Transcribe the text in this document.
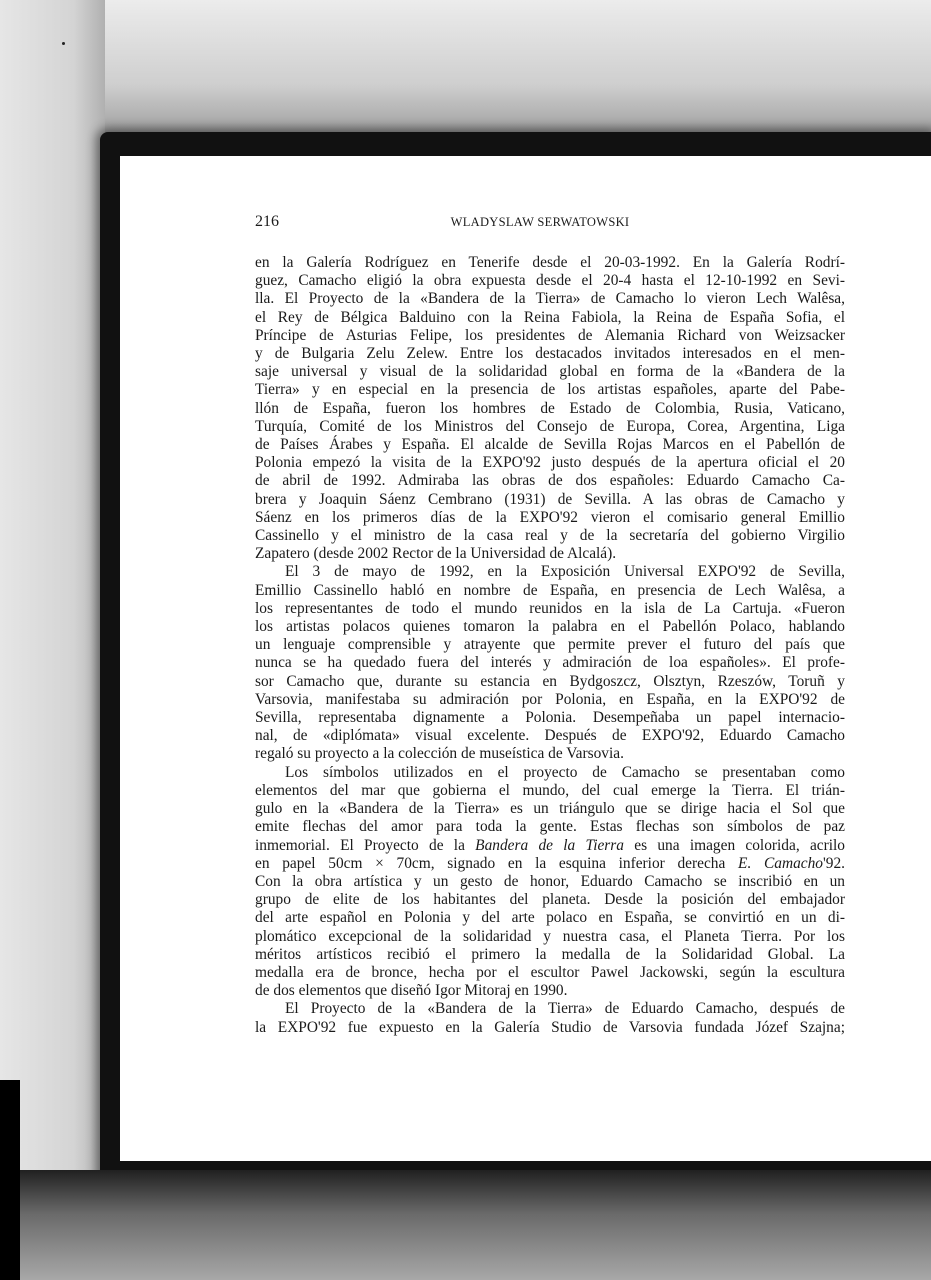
216	WLADYSLAW SERWATOWSKI
en la Galería Rodríguez en Tenerife desde el 20-03-1992. En la Galería Rodrí-
guez, Camacho eligió la obra expuesta desde el 20-4 hasta el 12-10-1992 en Sevi-
lla. El Proyecto de la «Bandera de la Tierra» de Camacho lo vieron Lech Walêsa,
el Rey de Bélgica Balduino con la Reina Fabiola, la Reina de España Sofia, el
Príncipe de Asturias Felipe, los presidentes de Alemania Richard von Weizsacker
y de Bulgaria Zelu Zelew. Entre los destacados invitados interesados en el men-
saje universal y visual de la solidaridad global en forma de la «Bandera de la
Tierra» y en especial en la presencia de los artistas españoles, aparte del Pabe-
llón de España, fueron los hombres de Estado de Colombia, Rusia, Vaticano,
Turquía, Comité de los Ministros del Consejo de Europa, Corea, Argentina, Liga
de Países Árabes y España. El alcalde de Sevilla Rojas Marcos en el Pabellón de
Polonia empezó la visita de la EXPO'92 justo después de la apertura oficial el 20
de abril de 1992. Admiraba las obras de dos españoles: Eduardo Camacho Ca-
brera y Joaquin Sáenz Cembrano (1931) de Sevilla. A las obras de Camacho y
Sáenz en los primeros días de la EXPO'92 vieron el comisario general Emillio
Cassinello y el ministro de la casa real y de la secretaría del gobierno Virgilio
Zapatero (desde 2002 Rector de la Universidad de Alcalá).
El 3 de mayo de 1992, en la Exposición Universal EXPO'92 de Sevilla,
Emillio Cassinello habló en nombre de España, en presencia de Lech Walêsa, a
los representantes de todo el mundo reunidos en la isla de La Cartuja. «Fueron
los artistas polacos quienes tomaron la palabra en el Pabellón Polaco, hablando
un lenguaje comprensible y atrayente que permite prever el futuro del país que
nunca se ha quedado fuera del interés y admiración de loa españoles». El profe-
sor Camacho que, durante su estancia en Bydgoszcz, Olsztyn, Rzeszów, Toruñ y
Varsovia, manifestaba su admiración por Polonia, en España, en la EXPO'92 de
Sevilla, representaba dignamente a Polonia. Desempeñaba un papel internacio-
nal, de «diplómata» visual excelente. Después de EXPO'92, Eduardo Camacho
regaló su proyecto a la colección de museística de Varsovia.
Los símbolos utilizados en el proyecto de Camacho se presentaban como
elementos del mar que gobierna el mundo, del cual emerge la Tierra. El trián-
gulo en la «Bandera de la Tierra» es un triángulo que se dirige hacia el Sol que
emite flechas del amor para toda la gente. Estas flechas son símbolos de paz
inmemorial. El Proyecto de la Bandera de la Tierra es una imagen colorida, acrilo
en papel 50cm × 70cm, signado en la esquina inferior derecha E. Camacho'92.
Con la obra artística y un gesto de honor, Eduardo Camacho se inscribió en un
grupo de elite de los habitantes del planeta. Desde la posición del embajador
del arte español en Polonia y del arte polaco en España, se convirtió en un di-
plomático excepcional de la solidaridad y nuestra casa, el Planeta Tierra. Por los
méritos artísticos recibió el primero la medalla de la Solidaridad Global. La
medalla era de bronce, hecha por el escultor Pawel Jackowski, según la escultura
de dos elementos que diseñó Igor Mitoraj en 1990.
El Proyecto de la «Bandera de la Tierra» de Eduardo Camacho, después de
la EXPO'92 fue expuesto en la Galería Studio de Varsovia fundada Józef Szajna;
